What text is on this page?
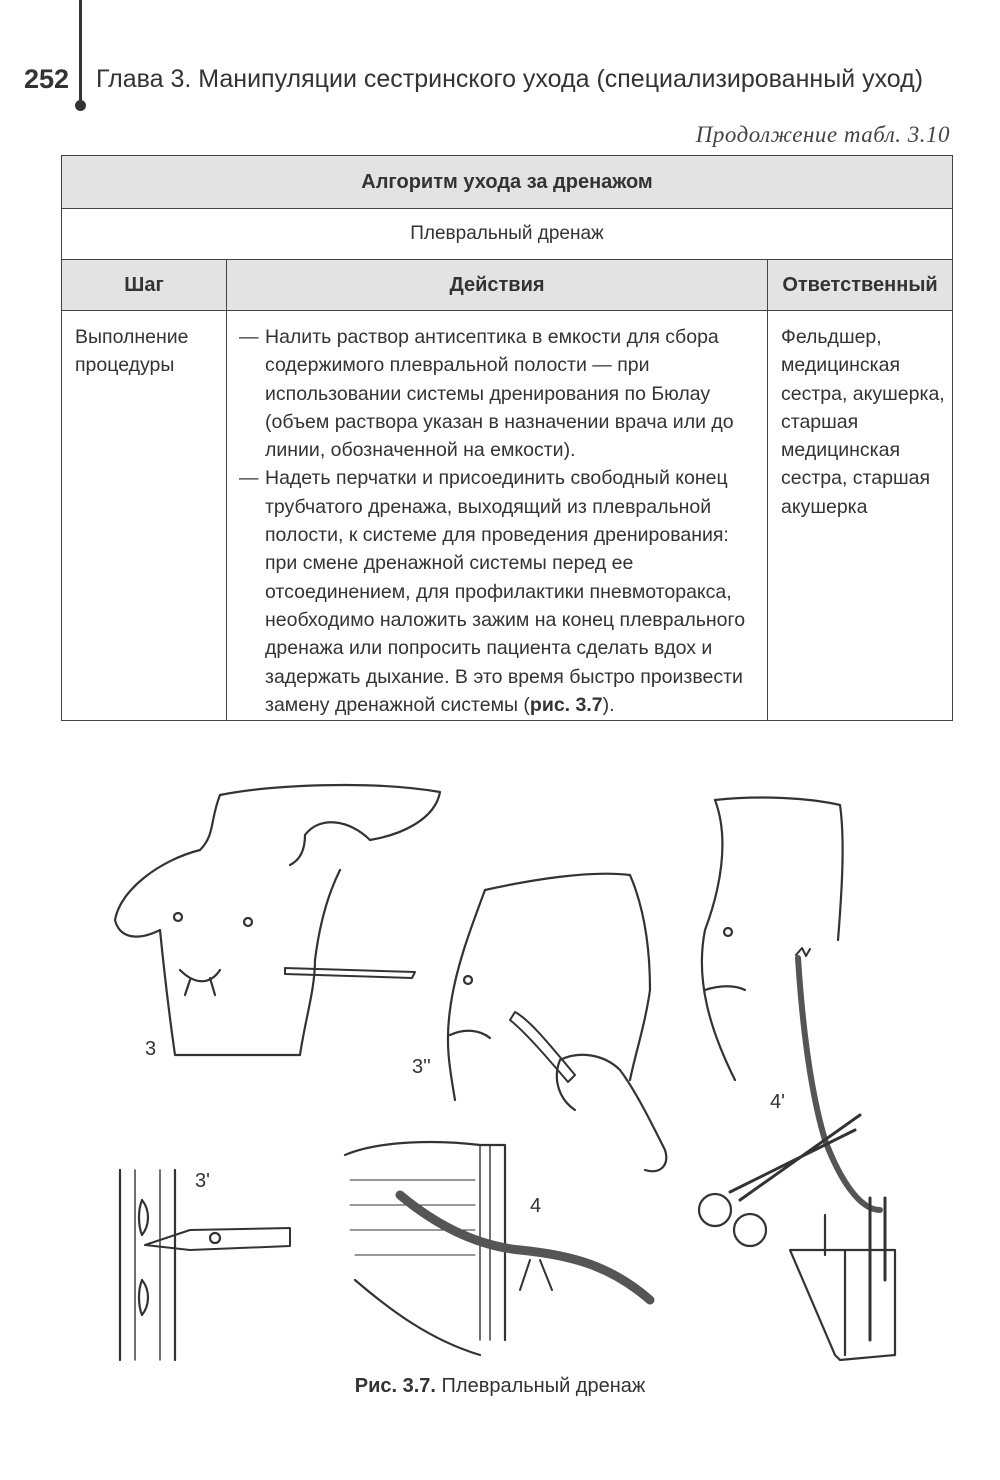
252 Глава 3. Манипуляции сестринского ухода (специализированный уход)
Продолжение табл. 3.10
Алгоритм ухода за дренажом		
Плевральный дренаж		
Шаг	Действия	Ответственный
Выполнение процедуры	— Налить раствор антисептика в емкости для сбора содержимого плевральной полости — при использовании системы дренирования по Бюлау (объем раствора указан в назначении врача или до линии, обозначенной на емкости).
— Надеть перчатки и присоединить свободный конец трубчатого дренажа, выходящий из плевральной полости, к системе для проведения дренирования: при смене дренажной системы перед ее отсоединением, для профилактики пневмоторакса, необходимо наложить зажим на конец плеврального дренажа или попросить пациента сделать вдох и задержать дыхание. В это время быстро произвести замену дренажной системы (рис. 3.7).	Фельдшер, медицинская сестра, акушерка, старшая медицинская сестра, старшая акушерка
3
3''
3'
4
4'
Рис. 3.7. Плевральный дренаж
